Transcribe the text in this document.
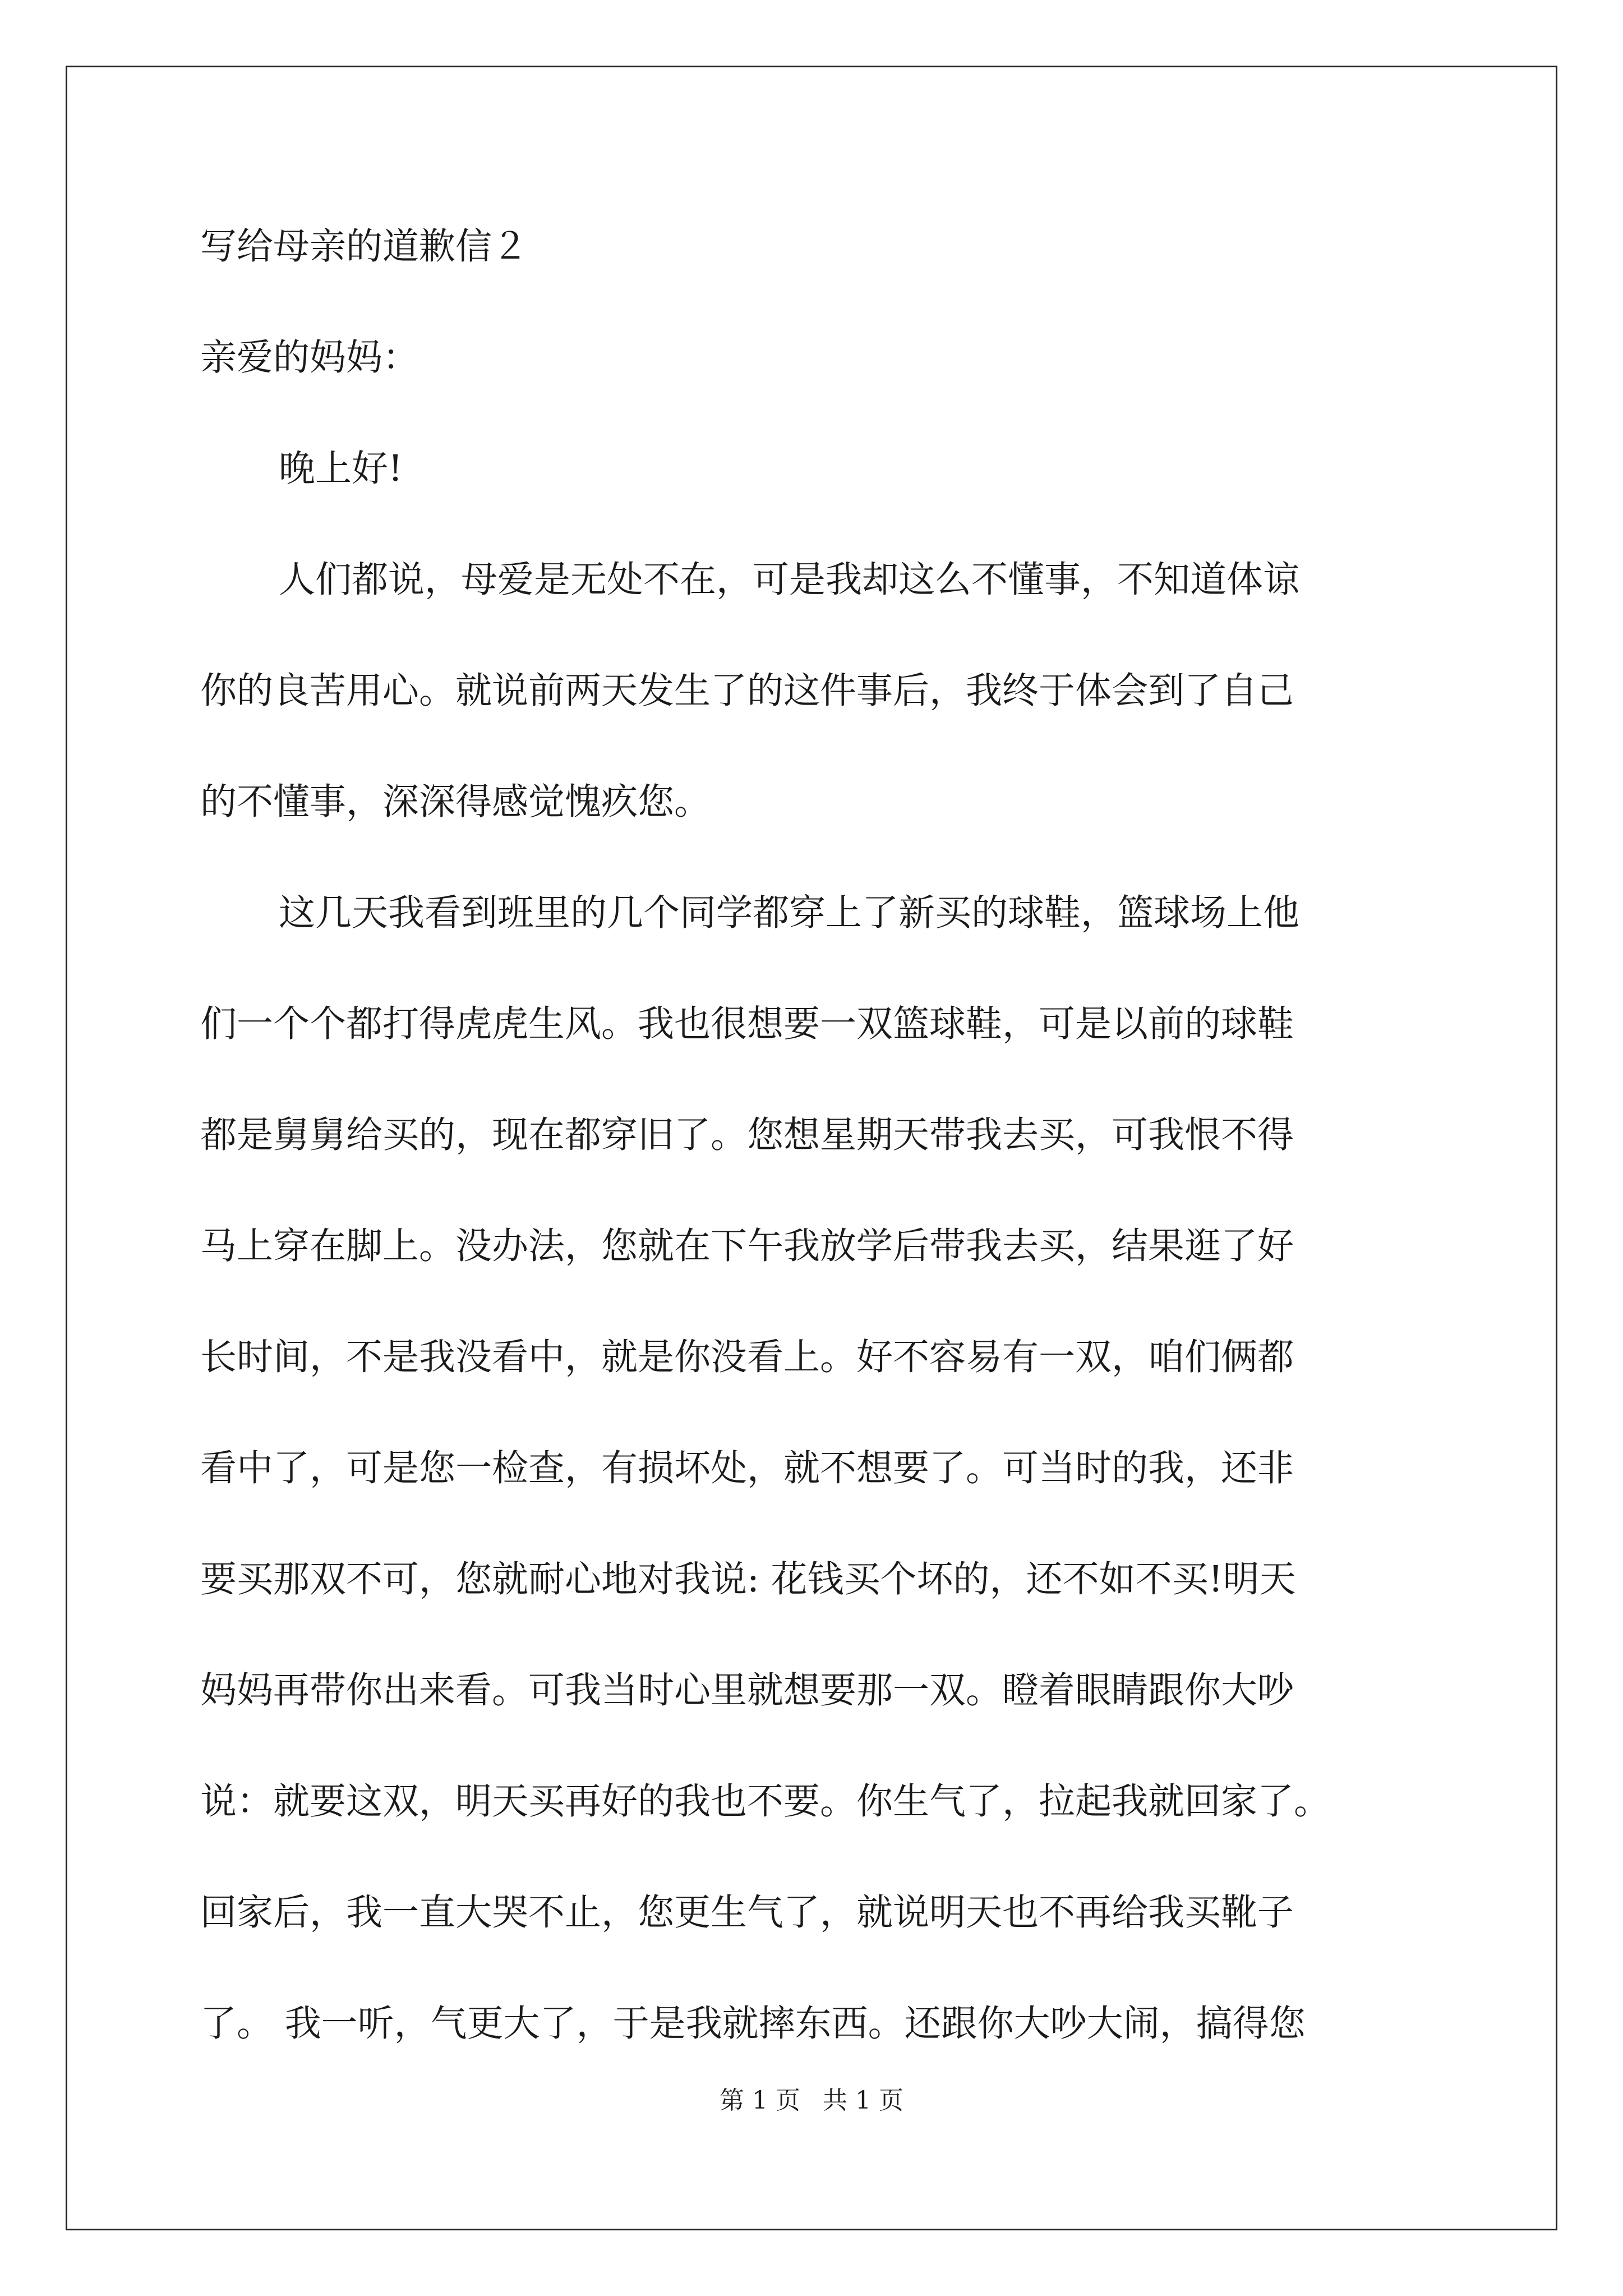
写给母亲的道歉信２
亲爱的妈妈：
晚上好!
人们都说，母爱是无处不在，可是我却这么不懂事，不知道体谅
你的良苦用心。就说前两天发生了的这件事后，我终于体会到了自己
的不懂事，深深得感觉愧疚您。
这几天我看到班里的几个同学都穿上了新买的球鞋，篮球场上他
们一个个都打得虎虎生风。我也很想要一双篮球鞋，可是以前的球鞋
都是舅舅给买的，现在都穿旧了。您想星期天带我去买，可我恨不得
马上穿在脚上。没办法，您就在下午我放学后带我去买，结果逛了好
长时间，不是我没看中，就是你没看上。好不容易有一双，咱们俩都
看中了，可是您一检查，有损坏处，就不想要了。可当时的我，还非
要买那双不可，您就耐心地对我说: 花钱买个坏的，还不如不买!明天
妈妈再带你出来看。可我当时心里就想要那一双。瞪着眼睛跟你大吵
说：就要这双，明天买再好的我也不要。你生气了，拉起我就回家了。
回家后，我一直大哭不止，您更生气了，就说明天也不再给我买靴子
了。 我一听，气更大了，于是我就摔东西。还跟你大吵大闹，搞得您
第 1 页 共 1 页
